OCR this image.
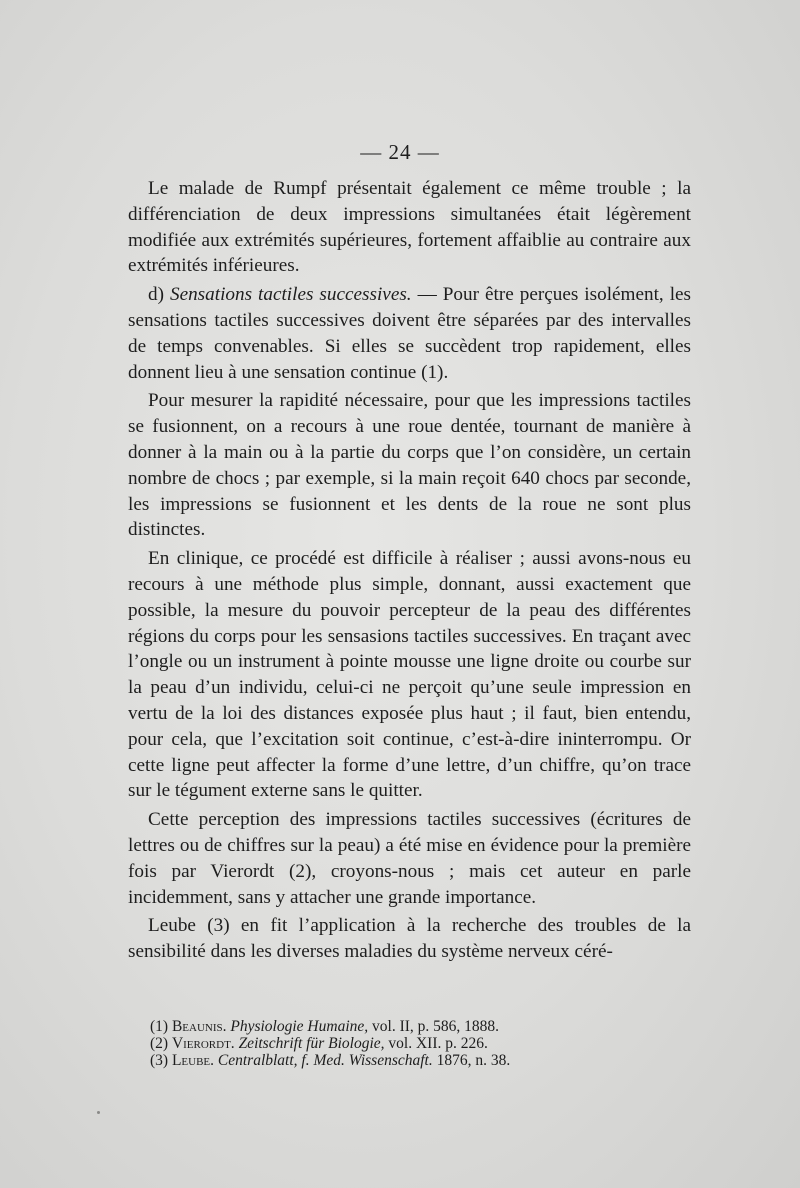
— 24 —

Le malade de Rumpf présentait également ce même trouble ; la différenciation de deux impressions simultanées était légèrement modifiée aux extrémités supérieures, fortement affaiblie au contraire aux extrémités inférieures.

d) Sensations tactiles successives. — Pour être perçues isolément, les sensations tactiles successives doivent être séparées par des intervalles de temps convenables. Si elles se succèdent trop rapidement, elles donnent lieu à une sensation continue (1).

Pour mesurer la rapidité nécessaire, pour que les impressions tactiles se fusionnent, on a recours à une roue dentée, tournant de manière à donner à la main ou à la partie du corps que l’on considère, un certain nombre de chocs ; par exemple, si la main reçoit 640 chocs par seconde, les impressions se fusionnent et les dents de la roue ne sont plus distinctes.

En clinique, ce procédé est difficile à réaliser ; aussi avons-nous eu recours à une méthode plus simple, donnant, aussi exactement que possible, la mesure du pouvoir percepteur de la peau des différentes régions du corps pour les sensasions tactiles successives. En traçant avec l’ongle ou un instrument à pointe mousse une ligne droite ou courbe sur la peau d’un individu, celui-ci ne perçoit qu’une seule impression en vertu de la loi des distances exposée plus haut ; il faut, bien entendu, pour cela, que l’excitation soit continue, c’est-à-dire ininterrompu. Or cette ligne peut affecter la forme d’une lettre, d’un chiffre, qu’on trace sur le tégument externe sans le quitter.

Cette perception des impressions tactiles successives (écritures de lettres ou de chiffres sur la peau) a été mise en évidence pour la première fois par Vierordt (2), croyons-nous ; mais cet auteur en parle incidemment, sans y attacher une grande importance.

Leube (3) en fit l’application à la recherche des troubles de la sensibilité dans les diverses maladies du système nerveux céré-

(1) Beaunis. Physiologie Humaine, vol. II, p. 586, 1888.
(2) Vierordt. Zeitschrift für Biologie, vol. XII. p. 226.
(3) Leube. Centralblatt, f. Med. Wissenschaft. 1876, n. 38.
